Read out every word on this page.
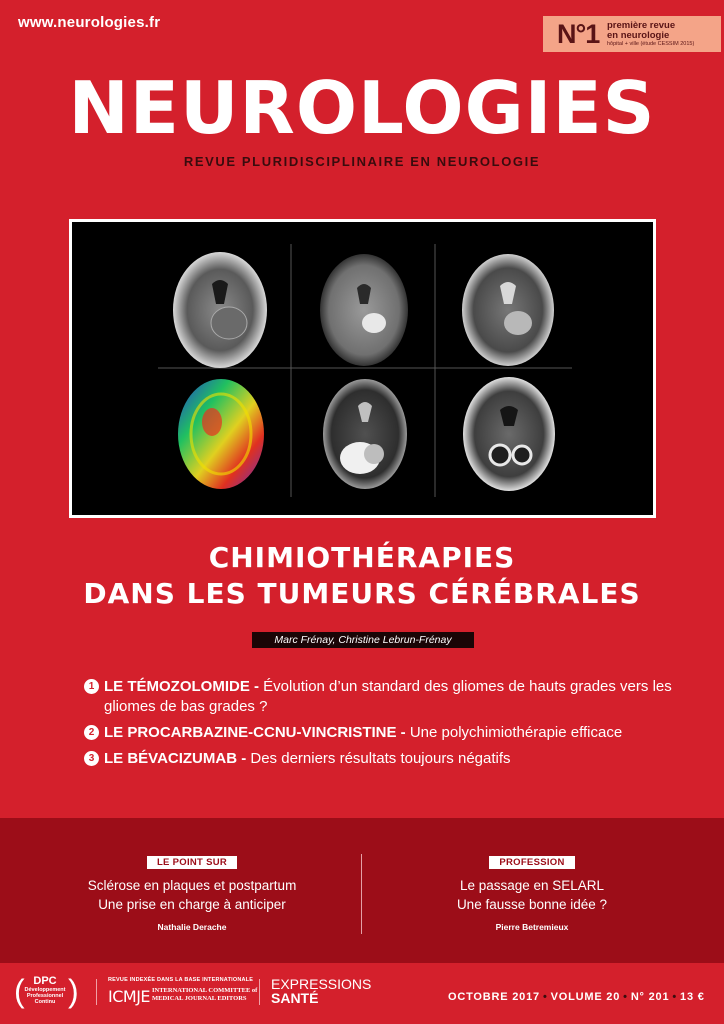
www.neurologies.fr	N°1 première revue
en neurologie
hôpital + ville (étude CESSIM 2015)
NEUROLOGIES
REVUE PLURIDISCIPLINAIRE EN NEUROLOGIE
CHIMIOTHÉRAPIES
DANS LES TUMEURS CÉRÉBRALES
Marc Frénay, Christine Lebrun-Frénay
1 LE TÉMOZOLOMIDE - Évolution d’un standard des gliomes de hauts grades vers les gliomes de bas grades ?
2 LE PROCARBAZINE-CCNU-VINCRISTINE - Une polychimiothérapie efficace
3 LE BÉVACIZUMAB - Des derniers résultats toujours négatifs
LE POINT SUR
Sclérose en plaques et postpartum
Une prise en charge à anticiper
Nathalie Derache
PROFESSION
Le passage en SELARL
Une fausse bonne idée ?
Pierre Betremieux
( DPC
Développement
Professionnel
Continu )	REVUE INDEXÉE DANS LA BASE INTERNATIONALE
ICMJE INTERNATIONAL COMMITTEE of
MEDICAL JOURNAL EDITORS
EXPRESSIONS
SANTÉ	OCTOBRE 2017 • VOLUME 20 • N° 201 • 13 €
